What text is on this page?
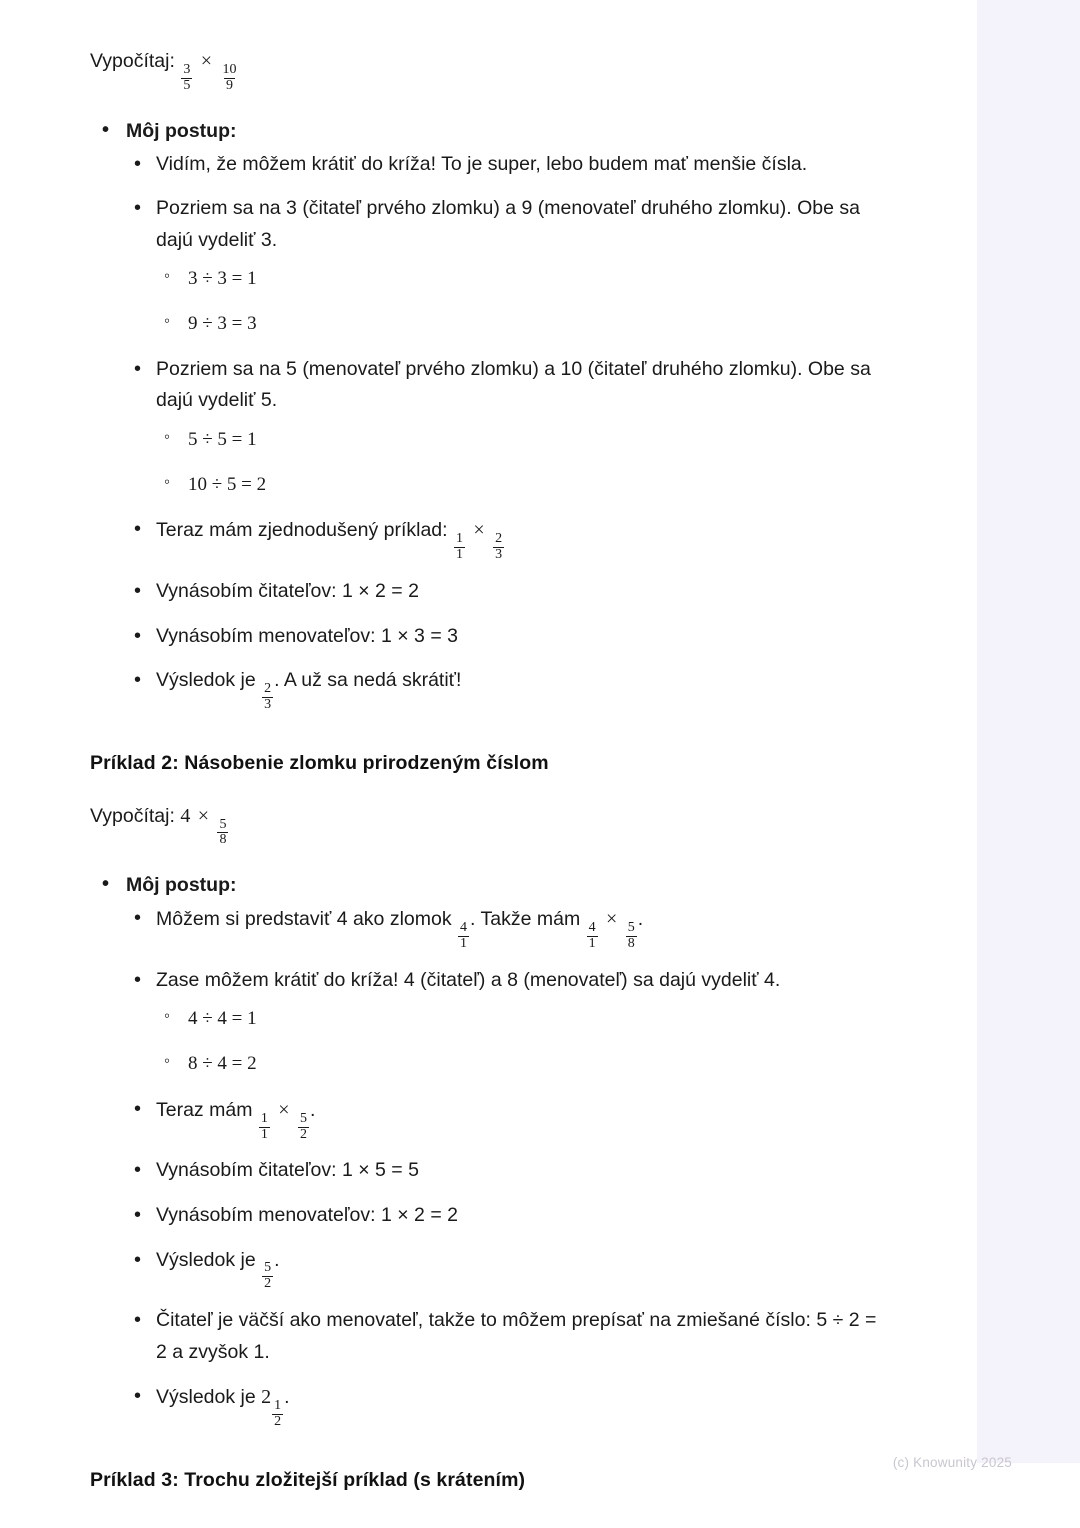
Vypočítaj:
$\frac{3}{5}$
×
$\frac{10}{9}$

• Môj postup:
• Vidím, že môžem krátiť do kríža! To je super, lebo budem mať menšie čísla.
• Pozriem sa na 3 (čitateľ prvého zlomku) a 9 (menovateľ druhého zlomku). Obe sa dajú vydeliť 3.
◦ 3 ÷ 3 = 1
◦ 9 ÷ 3 = 3
• Pozriem sa na 5 (menovateľ prvého zlomku) a 10 (čitateľ druhého zlomku). Obe sa dajú vydeliť 5.
◦ 5 ÷ 5 = 1
◦ 10 ÷ 5 = 2
• Teraz mám zjednodušený príklad:
$\frac{1}{1}$
×
$\frac{2}{3}$
• Vynásobím čitateľov: 1 × 2 = 2
• Vynásobím menovateľov: 1 × 3 = 3
• Výsledok je
$\frac{2}{3}$
. A už sa nedá skrátiť!
Príklad 2: Násobenie zlomku prirodzeným číslom

Vypočítaj: 4 ×
$\frac{5}{8}$

• Môj postup:
• Môžem si predstaviť 4 ako zlomok
$\frac{4}{1}$
. Takže mám
$\frac{4}{1}$
×
$\frac{5}{8}$
.
• Zase môžem krátiť do kríža! 4 (čitateľ) a 8 (menovateľ) sa dajú vydeliť 4.
◦ 4 ÷ 4 = 1
◦ 8 ÷ 4 = 2
• Teraz mám
$\frac{1}{1}$
×
$\frac{5}{2}$
.
• Vynásobím čitateľov: 1 × 5 = 5
• Vynásobím menovateľov: 1 × 2 = 2
• Výsledok je
$\frac{5}{2}$
.
• Čitateľ je väčší ako menovateľ, takže to môžem prepísať na zmiešané číslo: 5 ÷ 2 = 2 a zvyšok 1.
• Výsledok je 2
$\frac{1}{2}$
.
Príklad 3: Trochu zložitejší príklad (s krátením)
(c) Knowunity 2025
